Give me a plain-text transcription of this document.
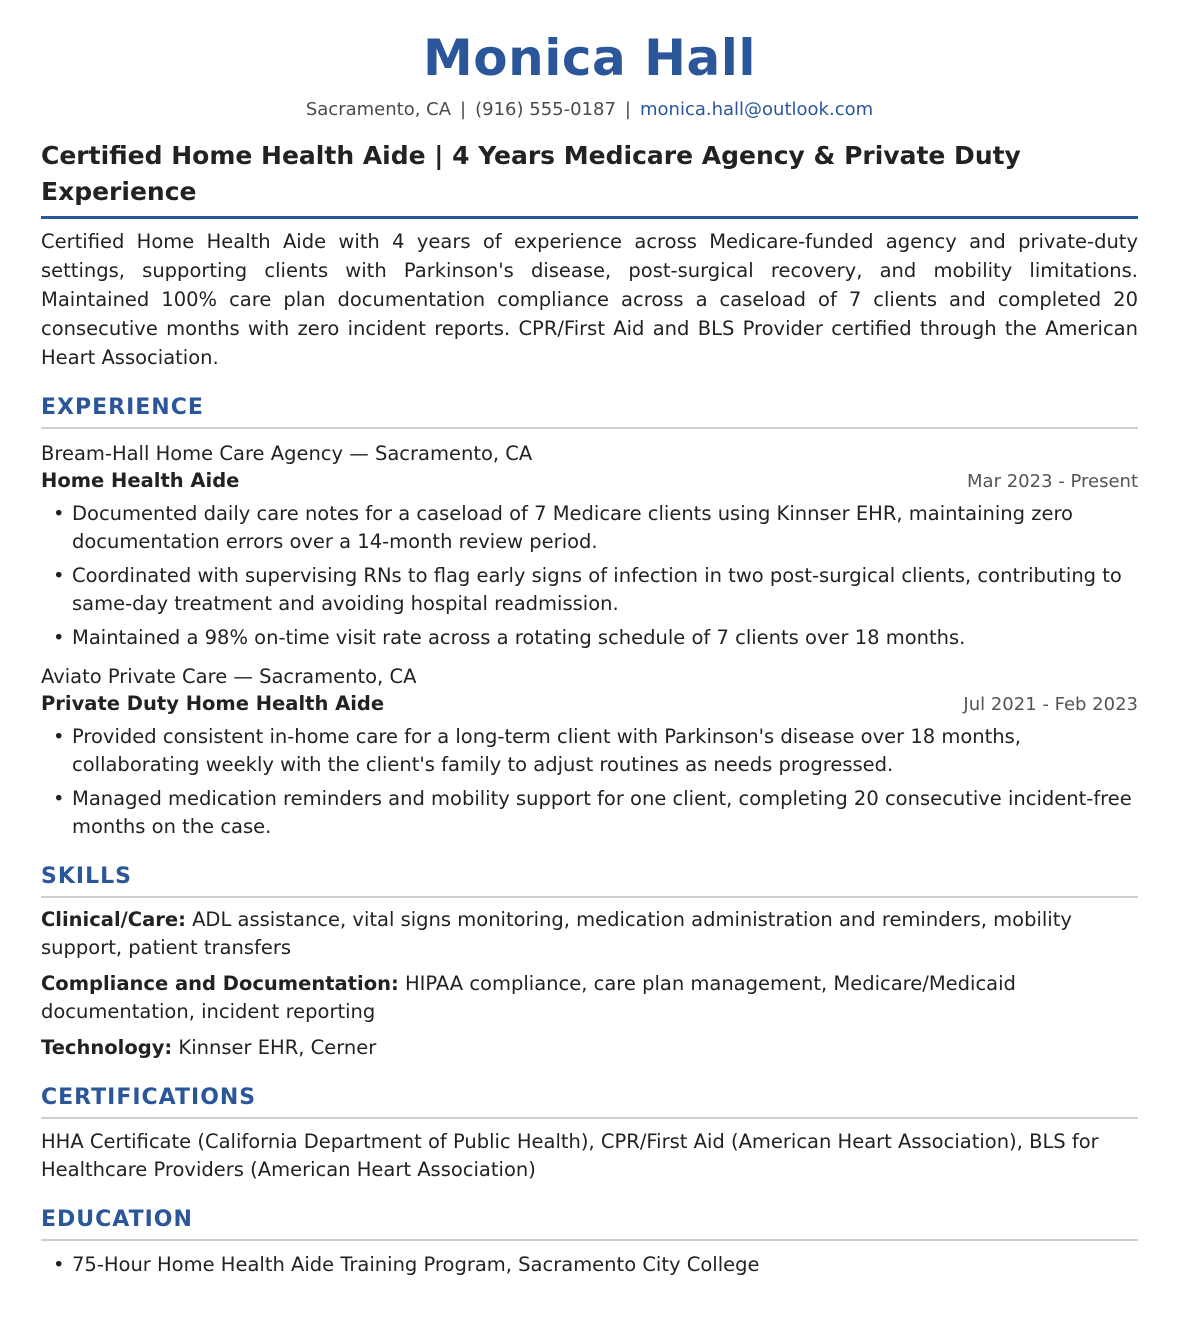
Monica Hall
Sacramento, CA | (916) 555-0187 | monica.hall@outlook.com
Certified Home Health Aide | 4 Years Medicare Agency & Private Duty Experience
Certified Home Health Aide with 4 years of experience across Medicare-funded agency and private-duty settings, supporting clients with Parkinson's disease, post-surgical recovery, and mobility limitations. Maintained 100% care plan documentation compliance across a caseload of 7 clients and completed 20 consecutive months with zero incident reports. CPR/First Aid and BLS Provider certified through the American Heart Association.
EXPERIENCE
Bream-Hall Home Care Agency — Sacramento, CA
Home Health Aide	Mar 2023 - Present
• Documented daily care notes for a caseload of 7 Medicare clients using Kinnser EHR, maintaining zero documentation errors over a 14-month review period.
• Coordinated with supervising RNs to flag early signs of infection in two post-surgical clients, contributing to same-day treatment and avoiding hospital readmission.
• Maintained a 98% on-time visit rate across a rotating schedule of 7 clients over 18 months.
Aviato Private Care — Sacramento, CA
Private Duty Home Health Aide	Jul 2021 - Feb 2023
• Provided consistent in-home care for a long-term client with Parkinson's disease over 18 months, collaborating weekly with the client's family to adjust routines as needs progressed.
• Managed medication reminders and mobility support for one client, completing 20 consecutive incident-free months on the case.
SKILLS
Clinical/Care: ADL assistance, vital signs monitoring, medication administration and reminders, mobility support, patient transfers
Compliance and Documentation: HIPAA compliance, care plan management, Medicare/Medicaid documentation, incident reporting
Technology: Kinnser EHR, Cerner
CERTIFICATIONS
HHA Certificate (California Department of Public Health), CPR/First Aid (American Heart Association), BLS for Healthcare Providers (American Heart Association)
EDUCATION
• 75-Hour Home Health Aide Training Program, Sacramento City College
